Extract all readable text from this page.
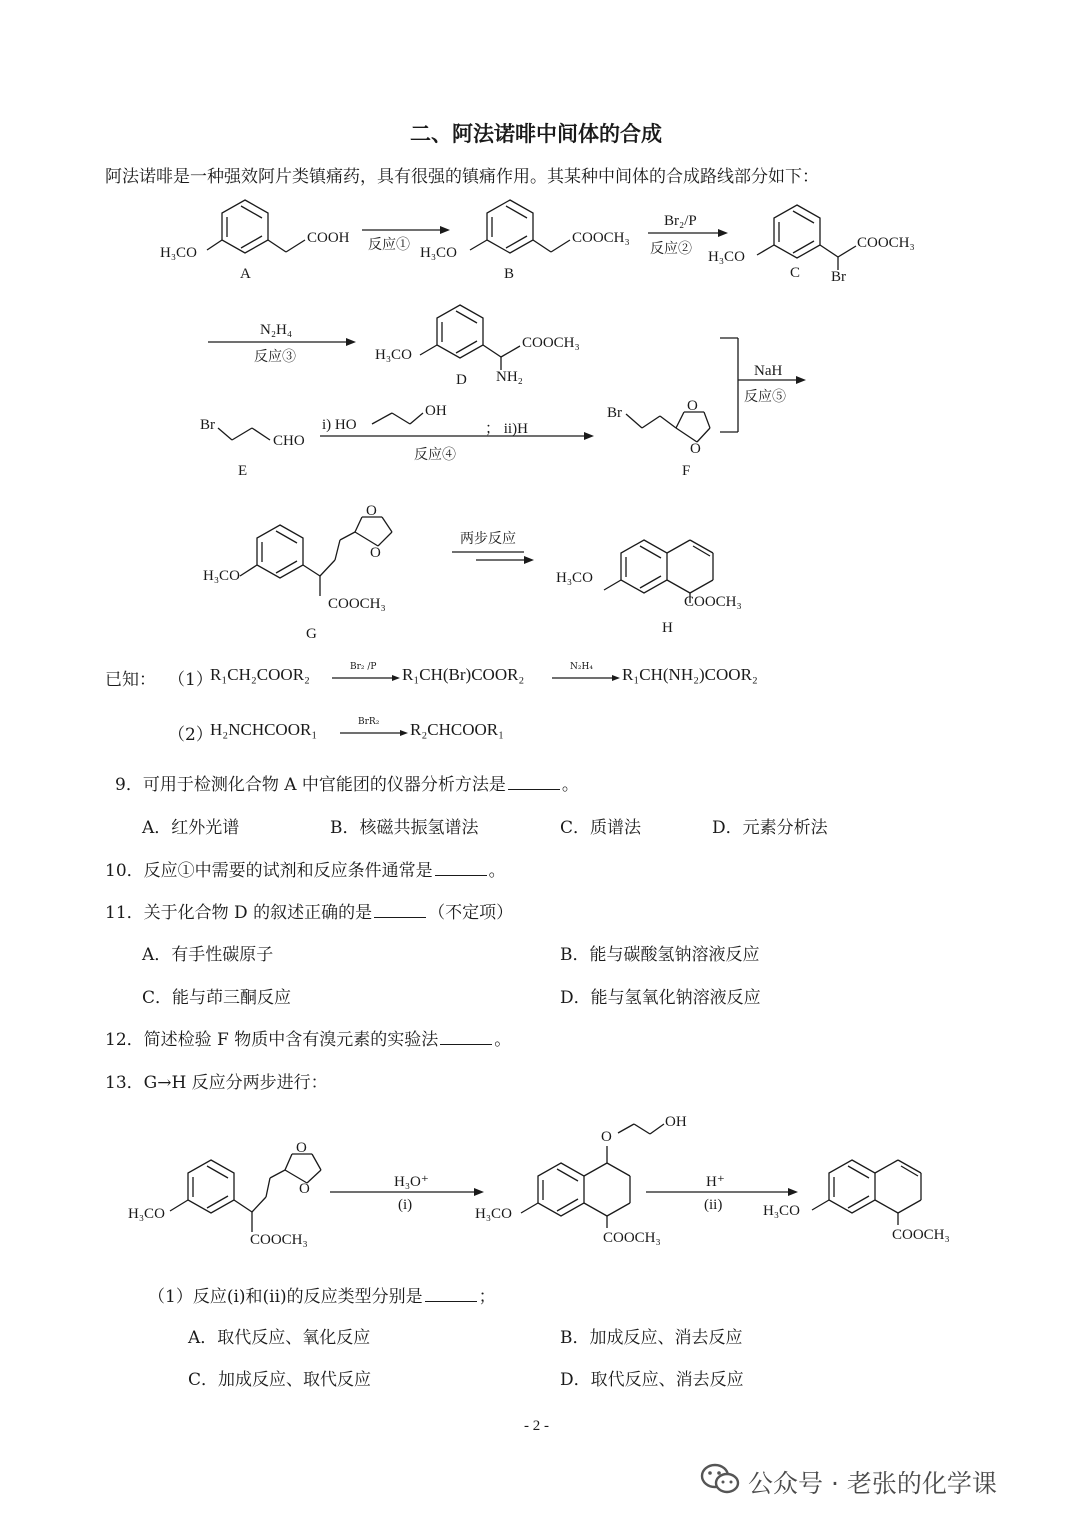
二、阿法诺啡中间体的合成
阿法诺啡是一种强效阿片类镇痛药，具有很强的镇痛作用。其某种中间体的合成路线部分如下：
H₃CO
COOH
A
反应① H₃CO
COOCH₃
B
Br₂/P
反应② H₃CO
COOCH₃
Br
C
N₂H₄
反应③	H₃CO
COOCH₃
NH₂
D
Br
CHO
E
i) HO
OH
； ii)H
反应④
Br	O
O
F
NaH
反应⑤
H₃CO
O
O
COOCH₃
G
两步反应
H₃CO
COOCH₃
H
已知： （1）
R₁CH₂COOR₂	Br₂ /P R₁CH(Br)COOR₂	N₂H₄ R₁CH(NH₂)COOR₂
（2）
H₂NCHCOOR₁	BrR₂ R₂CHCOOR₁
9．可用于检测化合物 A 中官能团的仪器分析方法是	。
A．红外光谱	B．核磁共振氢谱法	C．质谱法	D．元素分析法
10．反应①中需要的试剂和反应条件通常是	。
11．关于化合物 D 的叙述正确的是	（不定项）
A．有手性碳原子	B．能与碳酸氢钠溶液反应
C．能与茚三酮反应	D．能与氢氧化钠溶液反应
12．简述检验 F 物质中含有溴元素的实验法	。
13．G→H 反应分两步进行：
H₃CO
O
O
COOCH₃
H₃O⁺
(i)
H₃CO
O
OH
COOCH₃
H⁺
(ii)	H₃CO
COOCH₃
（1）反应(i)和(ii)的反应类型分别是	；
A．取代反应、氧化反应	B．加成反应、消去反应
C．加成反应、取代反应	D．取代反应、消去反应
- 2 -
公众号 · 老张的化学课
